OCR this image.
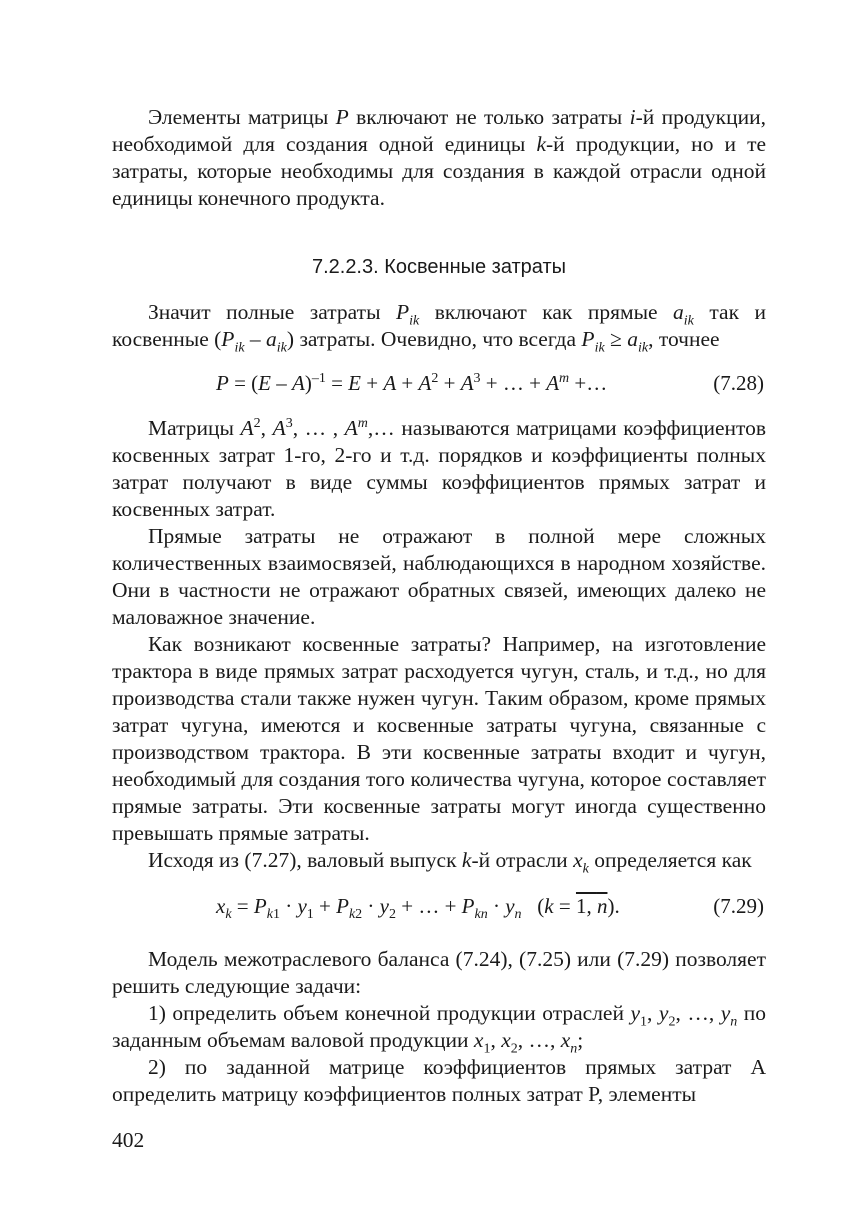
Элементы матрицы P включают не только затраты i-й продукции, необходимой для создания одной единицы k-й продукции, но и те затраты, которые необходимы для создания в каждой отрасли одной единицы конечного продукта.

7.2.2.3. Косвенные затраты

Значит полные затраты $P_{ik}$ включают как прямые $a_{ik}$ так и косвенные $(P_{ik} - a_{ik})$ затраты. Очевидно, что всегда $P_{ik} \ge a_{ik}$, точнее

$P = (E - A)^{-1} = E + A + A^2 + A^3$ + … + $A^m$ +…	(7.28)

Матрицы $A^2$, $A^3$, … , $A^m,\dots$ называются матрицами коэффициентов косвенных затрат 1-го, 2-го и т.д. порядков и коэффициенты полных затрат получают в виде суммы коэффициентов прямых затрат и косвенных затрат.

Прямые затраты не отражают в полной мере сложных количественных взаимосвязей, наблюдающихся в народном хозяйстве. Они в частности не отражают обратных связей, имеющих далеко не маловажное значение.

Как возникают косвенные затраты? Например, на изготовление трактора в виде прямых затрат расходуется чугун, сталь, и т.д., но для производства стали также нужен чугун. Таким образом, кроме прямых затрат чугуна, имеются и косвенные затраты чугуна, связанные с производством трактора. В эти косвенные затраты входит и чугун, необходимый для создания того количества чугуна, которое составляет прямые затраты. Эти косвенные затраты могут иногда существенно превышать прямые затраты.

Исходя из (7.27), валовый выпуск k-й отрасли $x_k$ определяется как

$x_k = P_{k1} \cdot y_1 + P_{k2} \cdot y_2$ + … + $P_{kn} \cdot y_n$   (k = 1, n).	(7.29)

Модель межотраслевого баланса (7.24), (7.25) или (7.29) позволяет решить следующие задачи:

1) определить объем конечной продукции отраслей $y_1$, $y_2$, …, $y_n$ по заданным объемам валовой продукции $x_1$, $x_2$, …, $x_n$;

2) по заданной матрице коэффициентов прямых затрат A определить матрицу коэффициентов полных затрат P, элементы

402
